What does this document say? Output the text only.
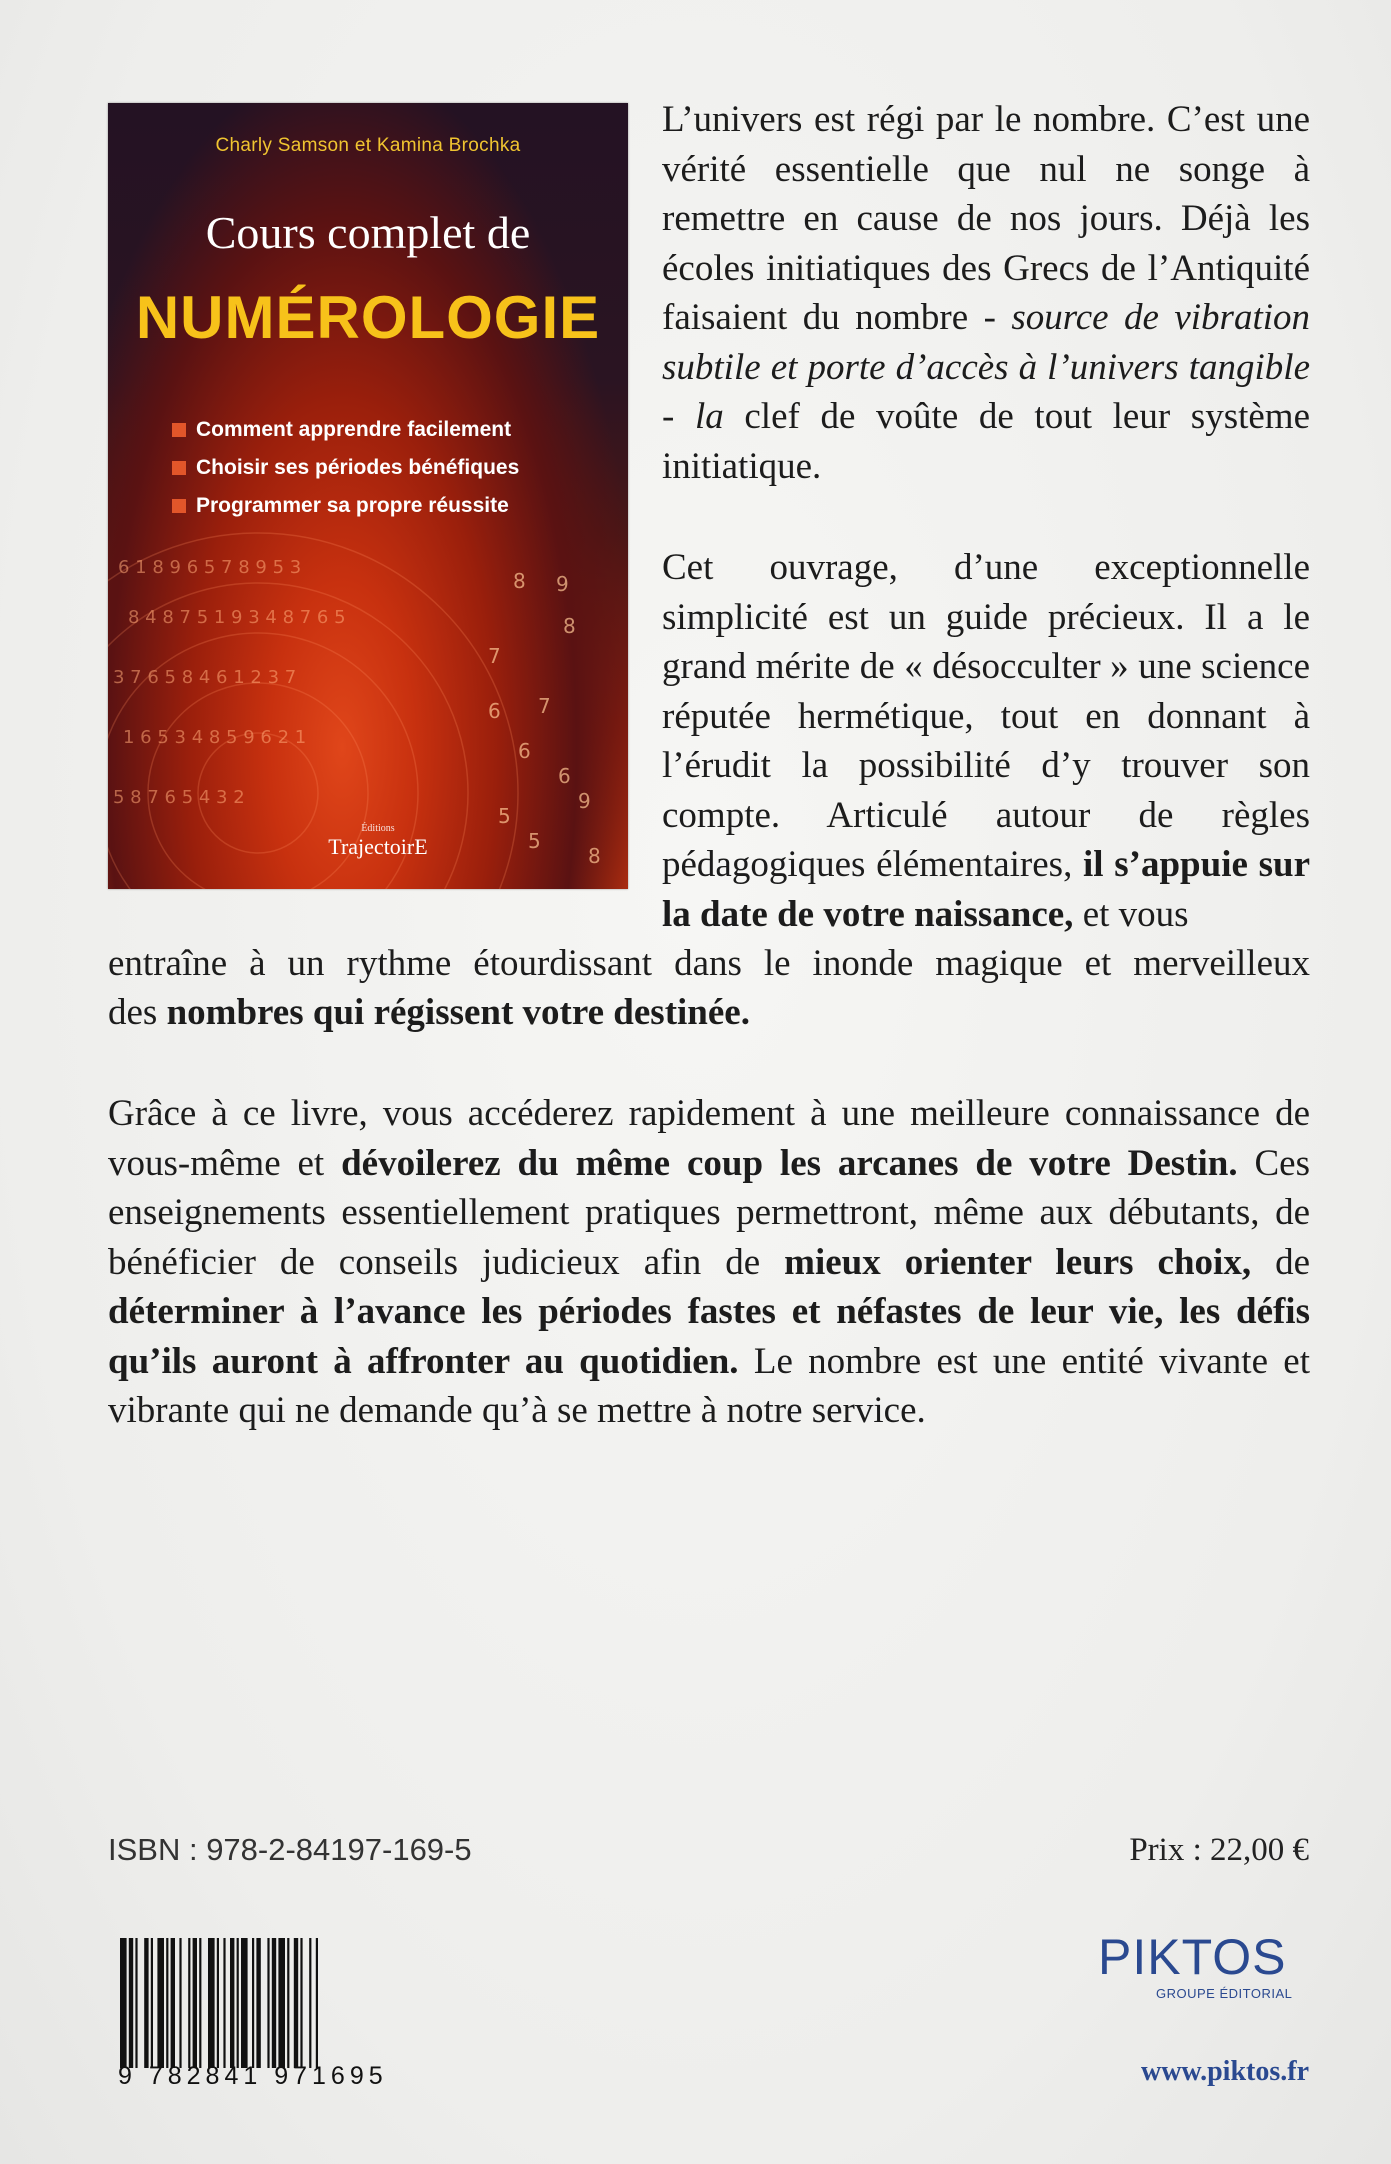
6 1 8 9 6 5 7 8 9 5 3
8 4 8 7 5 1 9 3 4 8 7 6 5
3 7 6 5 8 4 6 1 2 3 7
1 6 5 3 4 8 5 9 6 2 1
5 8 7 6 5 4 3 2
8 9
7
8
6 7
6
6
5
5
9
8
Charly Samson et Kamina Brochka
Cours complet de
NUMÉROLOGIE
Comment apprendre facilement
Choisir ses périodes bénéfiques
Programmer sa propre réussite
Éditions
TrajectoirE

L’univers est régi par le nombre. C’est une vérité essentielle que nul ne songe à remettre en cause de nos jours. Déjà les écoles initiatiques des Grecs de l’Antiquité faisaient du nombre - source de vibration subtile et porte d’accès à l’univers tangible - la clef de voûte de tout leur système initiatique.

Cet ouvrage, d’une exceptionnelle simplicité est un guide précieux. Il a le grand mérite de « désocculter » une science réputée hermétique, tout en donnant à l’érudit la possibilité d’y trouver son compte. Articulé autour de règles pédagogiques élémentaires, il s’appuie sur la date de votre naissance, et vous

entraîne à un rythme étourdissant dans le inonde magique et merveilleux

des nombres qui régissent votre destinée.

Grâce à ce livre, vous accéderez rapidement à une meilleure connaissance de vous-même et dévoilerez du même coup les arcanes de votre Destin. Ces enseignements essentiellement pratiques permettront, même aux débutants, de bénéficier de conseils judicieux afin de mieux orienter leurs choix, de déterminer à l’avance les périodes fastes et néfastes de leur vie, les défis qu’ils auront à affronter au quotidien. Le nombre est une entité vivante et vibrante qui ne demande qu’à se mettre à notre service.

ISBN : 978-2-84197-169-5	Prix : 22,00 €
9 782841 971695
PIKTOS
GROUPE ÉDITORIAL
www.piktos.fr
